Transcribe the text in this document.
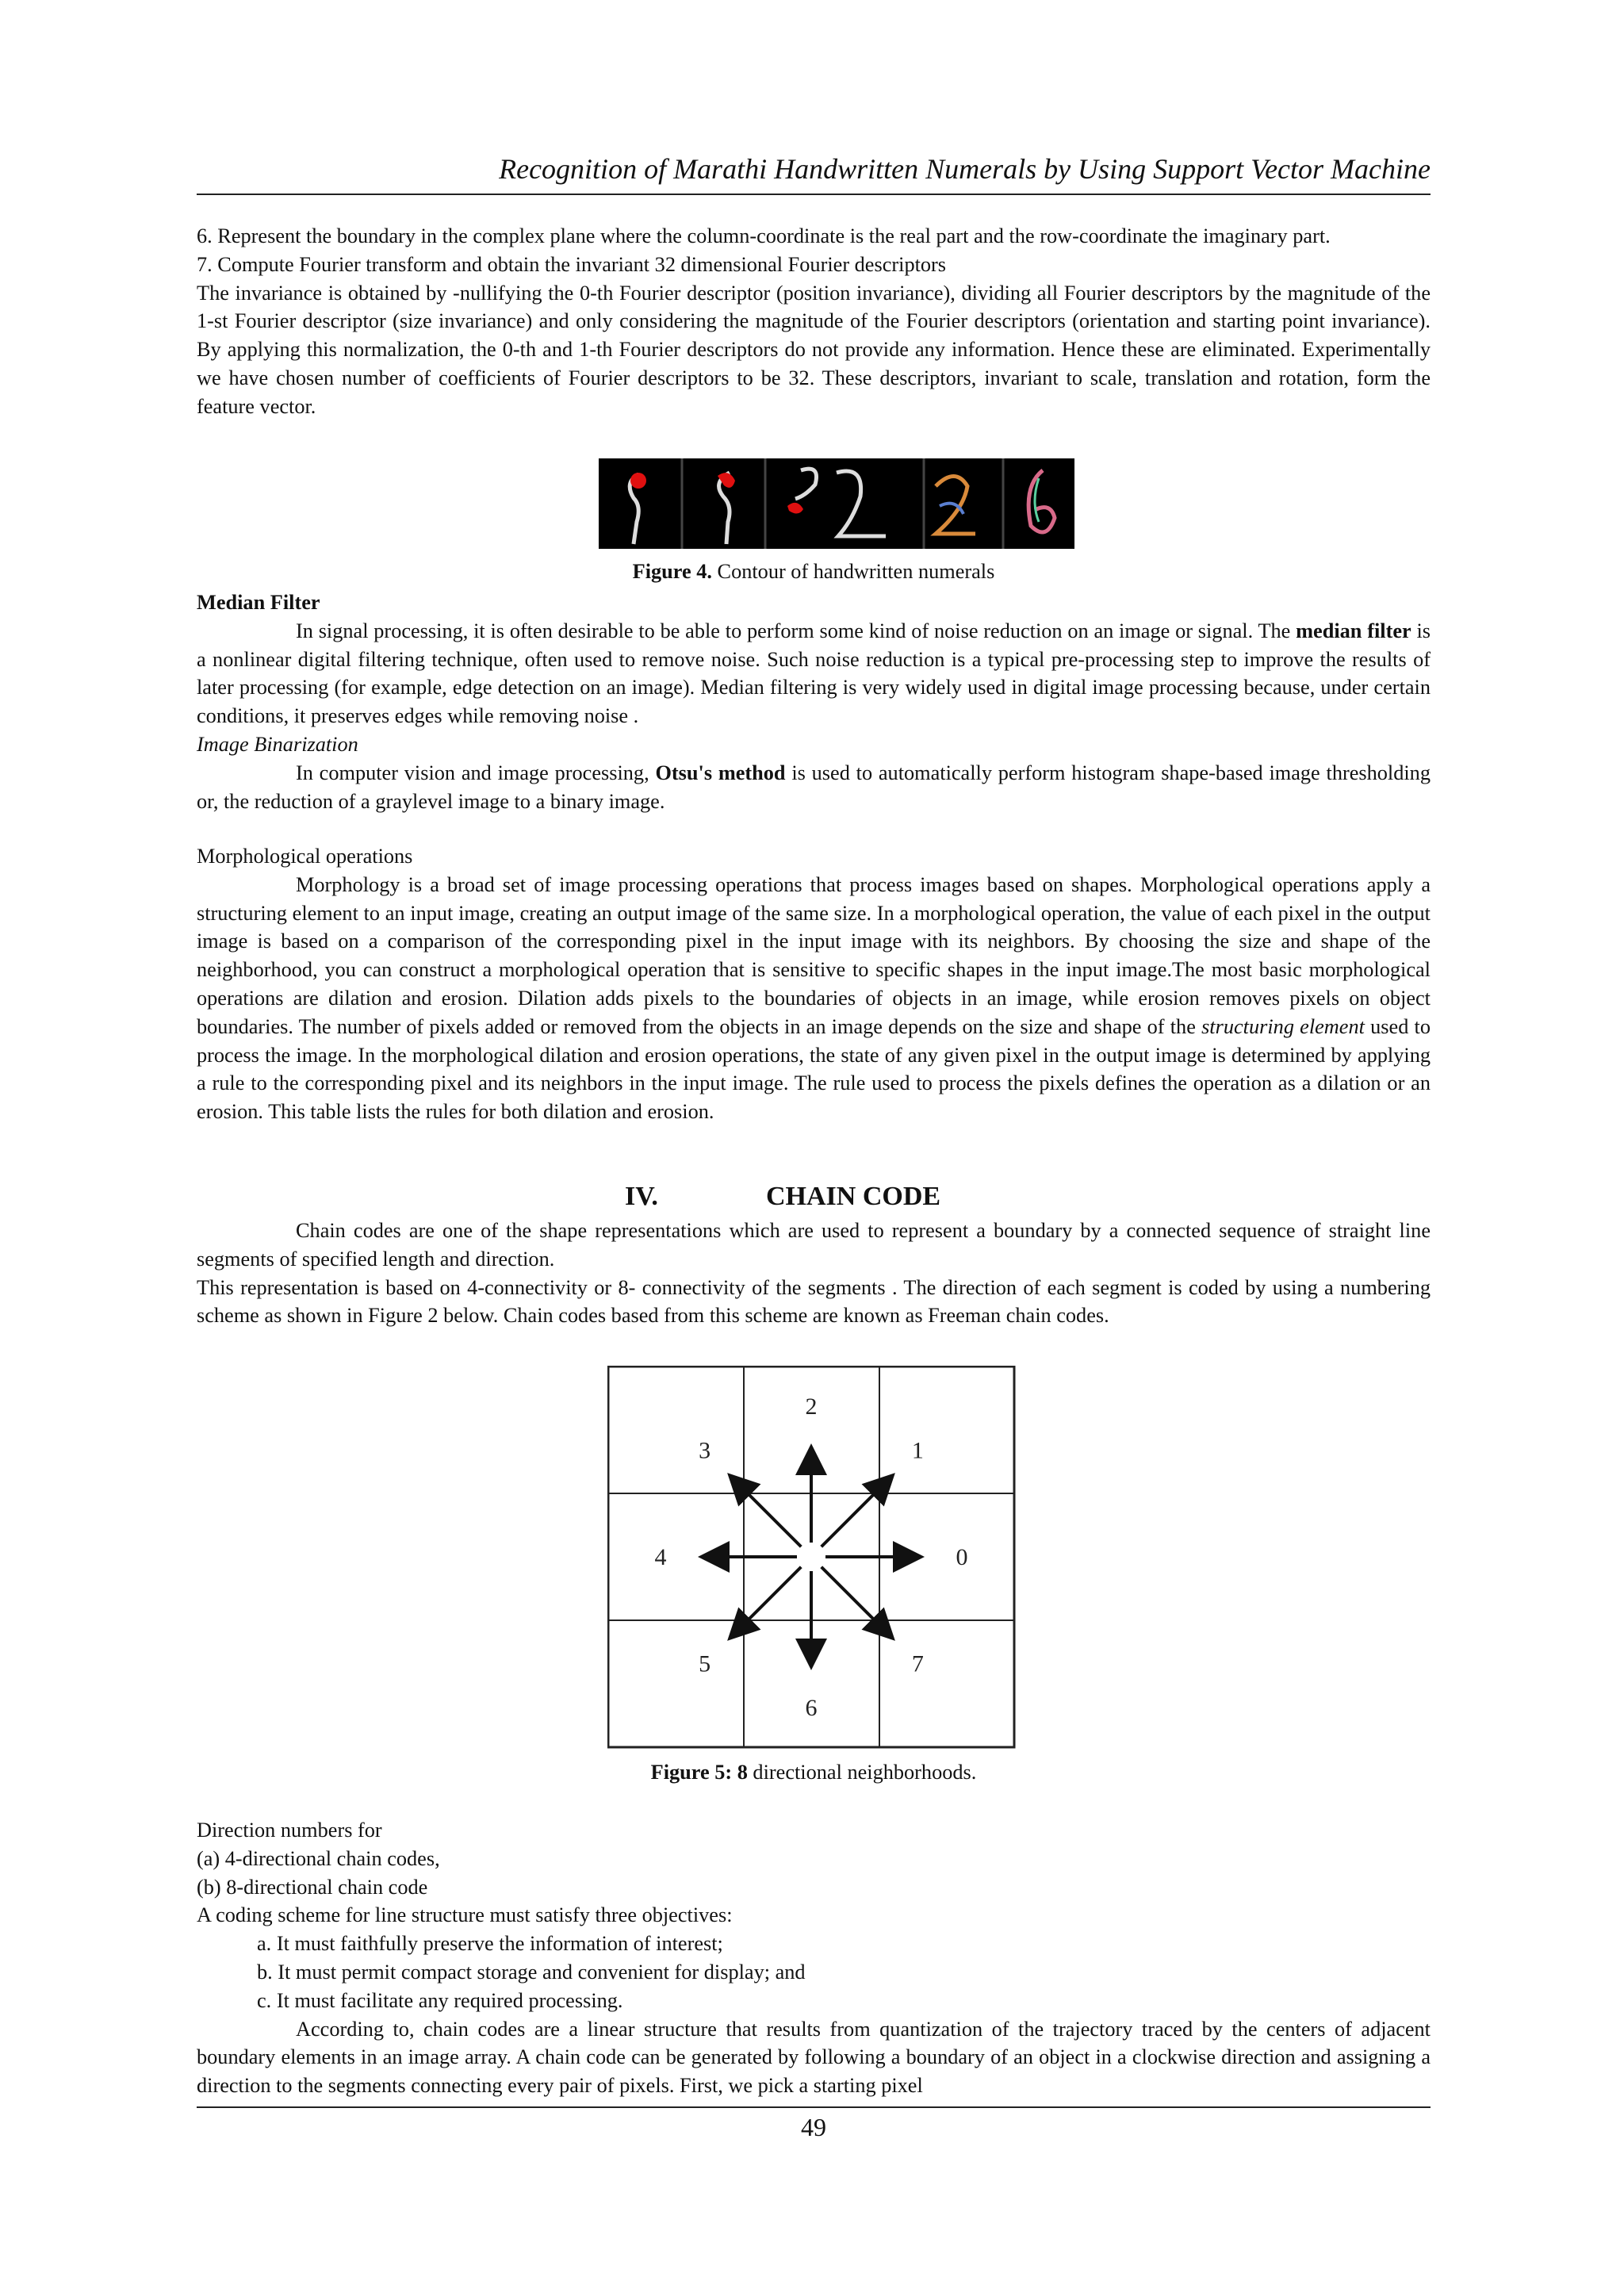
Recognition of Marathi Handwritten Numerals by Using Support Vector Machine

6. Represent the boundary in the complex plane where the column-coordinate is the real part and the row-coordinate the imaginary part.

7. Compute Fourier transform and obtain the invariant 32 dimensional Fourier descriptors

The invariance is obtained by -nullifying the 0-th Fourier descriptor (position invariance), dividing all Fourier descriptors by the magnitude of the 1-st Fourier descriptor (size invariance) and only considering the magnitude of the Fourier descriptors (orientation and starting point invariance). By applying this normalization, the 0-th and 1-th Fourier descriptors do not provide any information. Hence these are eliminated. Experimentally we have chosen number of coefficients of Fourier descriptors to be 32. These descriptors, invariant to scale, translation and rotation, form the feature vector.

Figure 4. Contour of handwritten numerals

Median Filter

In signal processing, it is often desirable to be able to perform some kind of noise reduction on an image or signal. The median filter is a nonlinear digital filtering technique, often used to remove noise. Such noise reduction is a typical pre-processing step to improve the results of later processing (for example, edge detection on an image). Median filtering is very widely used in digital image processing because, under certain conditions, it preserves edges while removing noise .

Image Binarization

In computer vision and image processing, Otsu's method is used to automatically perform histogram shape-based image thresholding or, the reduction of a graylevel image to a binary image.

Morphological operations

Morphology is a broad set of image processing operations that process images based on shapes. Morphological operations apply a structuring element to an input image, creating an output image of the same size. In a morphological operation, the value of each pixel in the output image is based on a comparison of the corresponding pixel in the input image with its neighbors. By choosing the size and shape of the neighborhood, you can construct a morphological operation that is sensitive to specific shapes in the input image.The most basic morphological operations are dilation and erosion. Dilation adds pixels to the boundaries of objects in an image, while erosion removes pixels on object boundaries. The number of pixels added or removed from the objects in an image depends on the size and shape of the structuring element used to process the image. In the morphological dilation and erosion operations, the state of any given pixel in the output image is determined by applying a rule to the corresponding pixel and its neighbors in the input image. The rule used to process the pixels defines the operation as a dilation or an erosion. This table lists the rules for both dilation and erosion.

IV.	CHAIN CODE

Chain codes are one of the shape representations which are used to represent a boundary by a connected sequence of straight line segments of specified length and direction.

This representation is based on 4-connectivity or 8- connectivity of the segments . The direction of each segment is coded by using a numbering scheme as shown in Figure 2 below. Chain codes based from this scheme are known as Freeman chain codes.

0
1
2
3
4
5
6
7
Figure 5: 8 directional neighborhoods.

Direction numbers for

(a) 4-directional chain codes,

(b) 8-directional chain code

A coding scheme for line structure must satisfy three objectives:

a. It must faithfully preserve the information of interest;

b. It must permit compact storage and convenient for display; and

c. It must facilitate any required processing.

According to, chain codes are a linear structure that results from quantization of the trajectory traced by the centers of adjacent boundary elements in an image array. A chain code can be generated by following a boundary of an object in a clockwise direction and assigning a direction to the segments connecting every pair of pixels. First, we pick a starting pixel

49
